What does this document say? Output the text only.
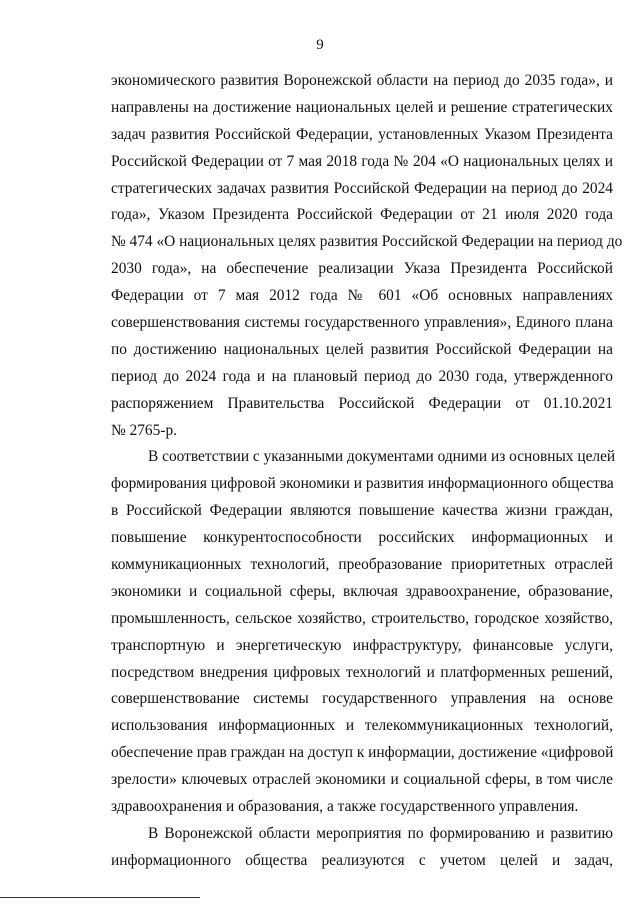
9
экономического развития Воронежской области на период до 2035 года», и
направлены на достижение национальных целей и решение стратегических
задач развития Российской Федерации, установленных Указом Президента
Российской Федерации от 7 мая 2018 года № 204 «О национальных целях и
стратегических задачах развития Российской Федерации на период до 2024
года», Указом Президента Российской Федерации от 21 июля 2020 года
№ 474 «О национальных целях развития Российской Федерации на период до
2030 года», на обеспечение реализации Указа Президента Российской
Федерации от 7 мая 2012 года № 601 «Об основных направлениях
совершенствования системы государственного управления», Единого плана
по достижению национальных целей развития Российской Федерации на
период до 2024 года и на плановый период до 2030 года, утвержденного
распоряжением Правительства Российской Федерации от 01.10.2021
№ 2765-р.
В соответствии с указанными документами одними из основных целей
формирования цифровой экономики и развития информационного общества
в Российской Федерации являются повышение качества жизни граждан,
повышение конкурентоспособности российских информационных и
коммуникационных технологий, преобразование приоритетных отраслей
экономики и социальной сферы, включая здравоохранение, образование,
промышленность, сельское хозяйство, строительство, городское хозяйство,
транспортную и энергетическую инфраструктуру, финансовые услуги,
посредством внедрения цифровых технологий и платформенных решений,
совершенствование системы государственного управления на основе
использования информационных и телекоммуникационных технологий,
обеспечение прав граждан на доступ к информации, достижение «цифровой
зрелости» ключевых отраслей экономики и социальной сферы, в том числе
здравоохранения и образования, а также государственного управления.
В Воронежской области мероприятия по формированию и развитию
информационного общества реализуются с учетом целей и задач,
